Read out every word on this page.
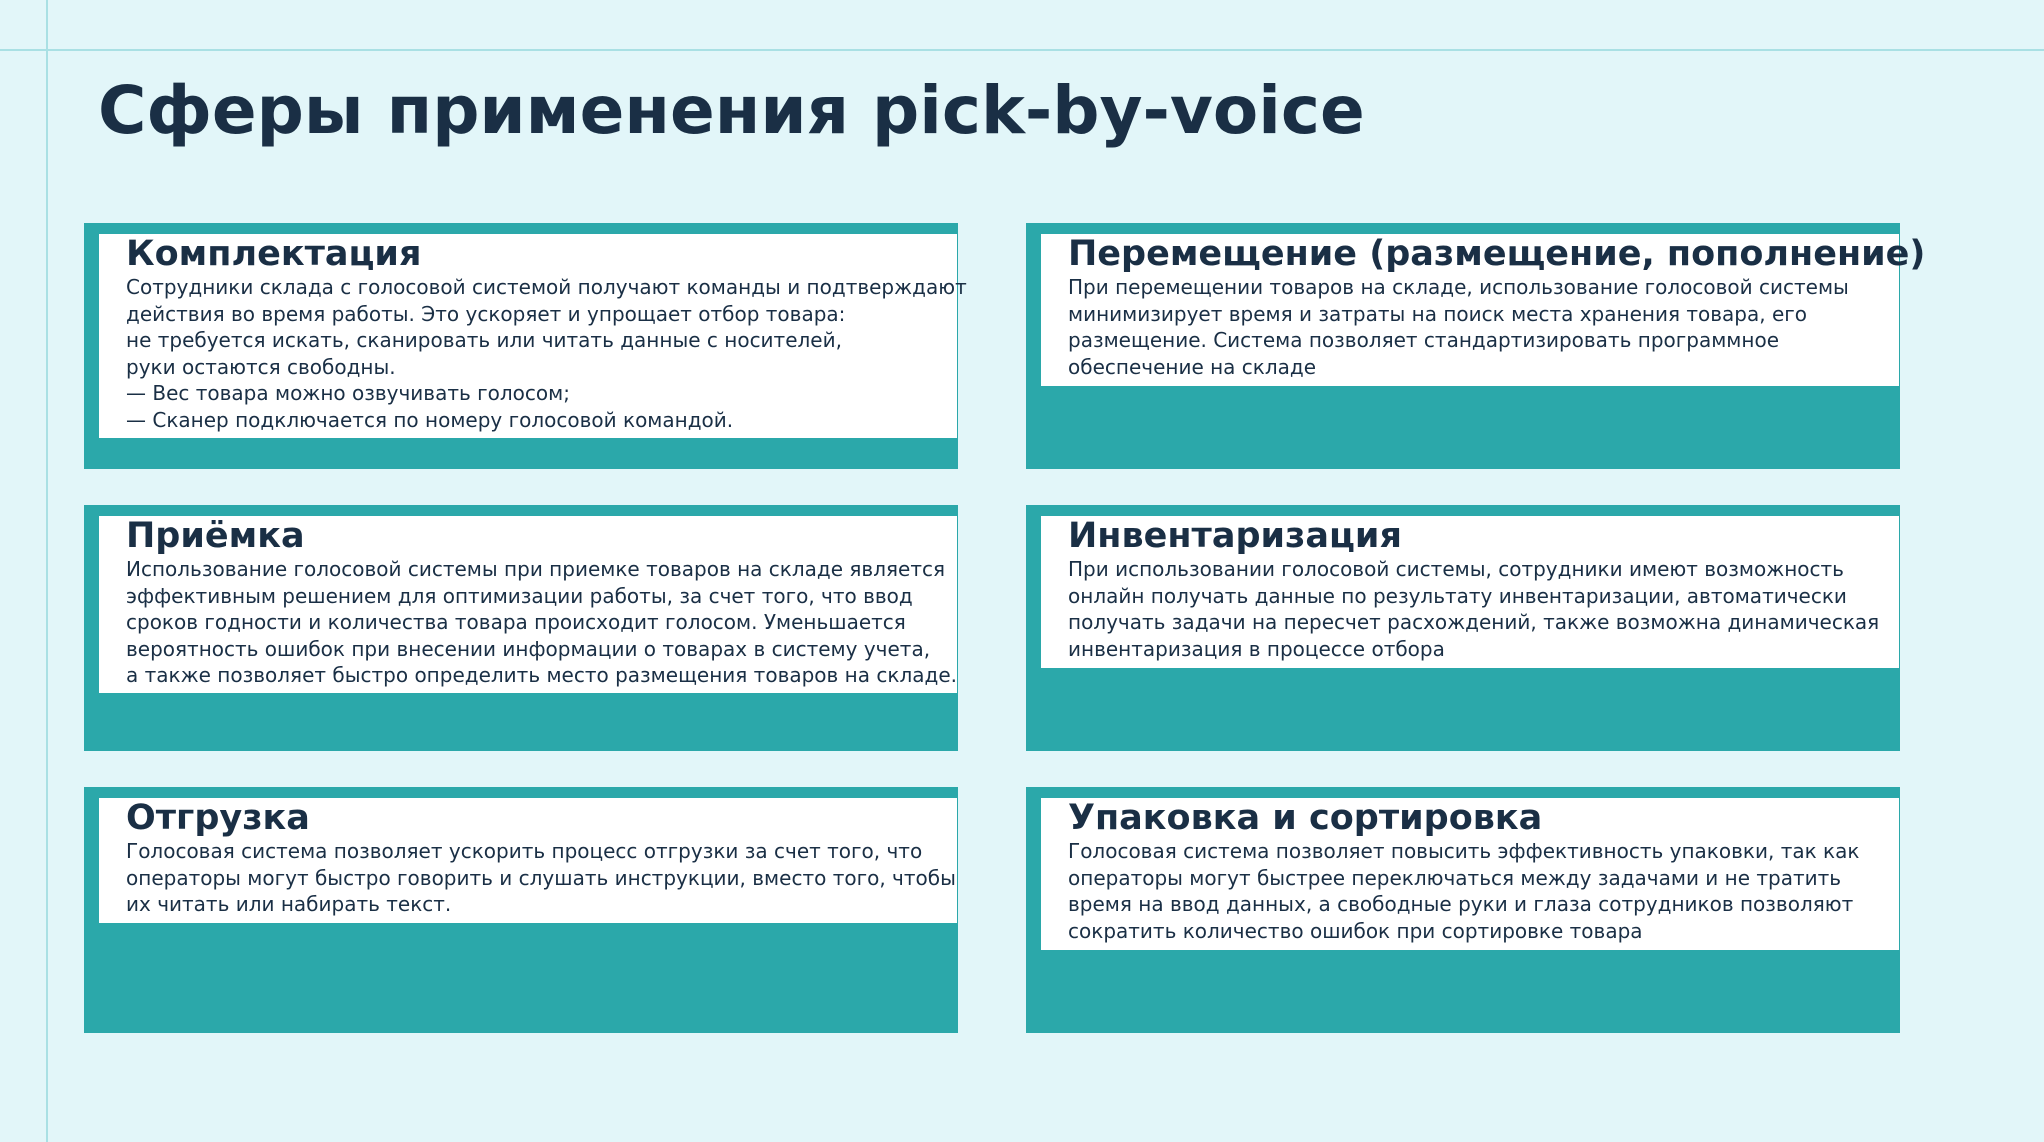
Сферы применения pick-by-voice
Комплектация

Сотрудники склада с голосовой системой получают команды и подтверждают
действия во время работы. Это ускоряет и упрощает отбор товара:
не требуется искать, сканировать или читать данные с носителей,
руки остаются свободны.
— Вес товара можно озвучивать голосом;
— Сканер подключается по номеру голосовой командой.

Перемещение (размещение, пополнение)

При перемещении товаров на складе, использование голосовой системы
минимизирует время и затраты на поиск места хранения товара, его
размещение. Система позволяет стандартизировать программное
обеспечение на складе

Приёмка

Использование голосовой системы при приемке товаров на складе является
эффективным решением для оптимизации работы, за счет того, что ввод
сроков годности и количества товара происходит голосом. Уменьшается
вероятность ошибок при внесении информации о товарах в систему учета,
а также позволяет быстро определить место размещения товаров на складе.

Инвентаризация

При использовании голосовой системы, сотрудники имеют возможность
онлайн получать данные по результату инвентаризации, автоматически
получать задачи на пересчет расхождений, также возможна динамическая
инвентаризация в процессе отбора

Отгрузка

Голосовая система позволяет ускорить процесс отгрузки за счет того, что
операторы могут быстро говорить и слушать инструкции, вместо того, чтобы
их читать или набирать текст.

Упаковка и сортировка

Голосовая система позволяет повысить эффективность упаковки, так как
операторы могут быстрее переключаться между задачами и не тратить
время на ввод данных, а свободные руки и глаза сотрудников позволяют
сократить количество ошибок при сортировке товара
